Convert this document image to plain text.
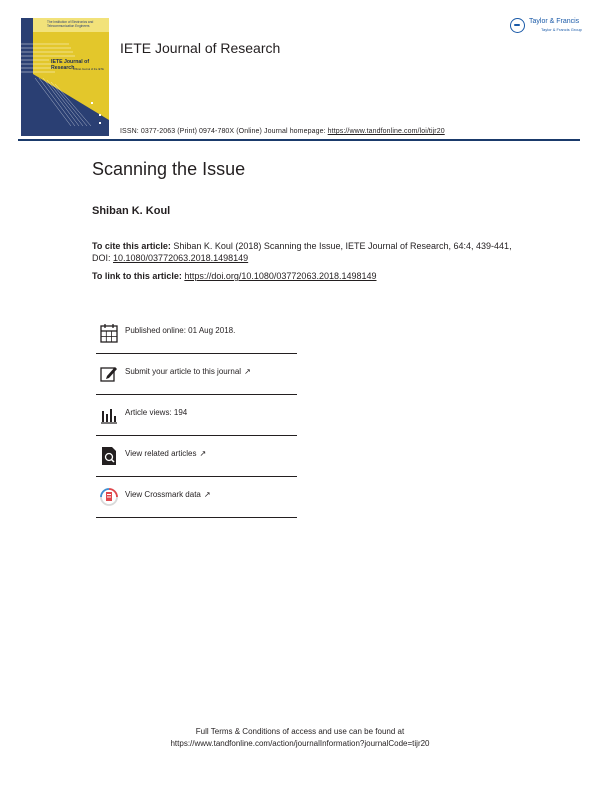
The Institution of Electronics and
Telecommunication Engineers
IETE Journal of Research
Official Journal of the IETE
IETE Journal of Research
ISSN: 0377-2063 (Print) 0974-780X (Online) Journal homepage: https://www.tandfonline.com/loi/tijr20
Taylor & Francis
Taylor & Francis Group
Scanning the Issue
Shiban K. Koul
To cite this article: Shiban K. Koul (2018) Scanning the Issue, IETE Journal of Research, 64:4, 439-441, DOI: 10.1080/03772063.2018.1498149
To link to this article: https://doi.org/10.1080/03772063.2018.1498149
Published online: 01 Aug 2018.
Submit your article to this journal ↗
Article views: 194
View related articles ↗
View Crossmark data ↗
Full Terms & Conditions of access and use can be found at
https://www.tandfonline.com/action/journalInformation?journalCode=tijr20
